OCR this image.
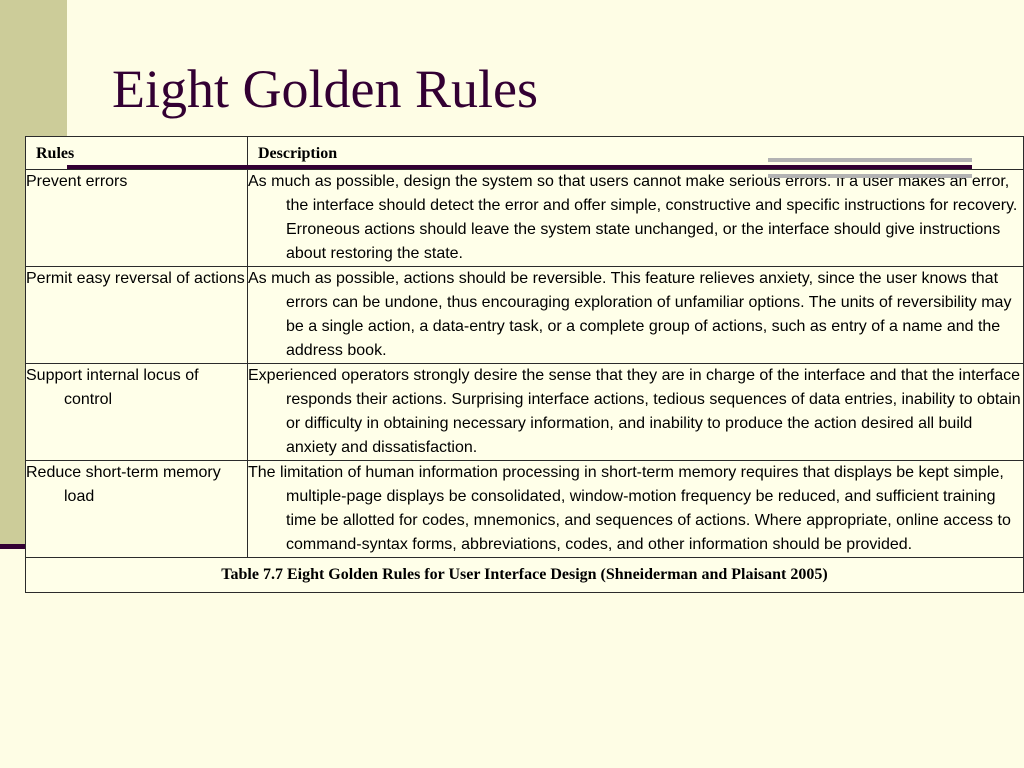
Eight Golden Rules
Rules	Description

Prevent errors	As much as possible, design the system so that users cannot make serious errors. If a user makes an error, the interface should detect the error and offer simple, constructive and specific instructions for recovery. Erroneous actions should leave the system state unchanged, or the interface should give instructions about restoring the state.

Permit easy reversal of actions	As much as possible, actions should be reversible. This feature relieves anxiety, since the user knows that errors can be undone, thus encouraging exploration of unfamiliar options. The units of reversibility may be a single action, a data-entry task, or a complete group of actions, such as entry of a name and the address book.

Support internal locus of control	Experienced operators strongly desire the sense that they are in charge of the interface and that the interface responds their actions. Surprising interface actions, tedious sequences of data entries, inability to obtain or difficulty in obtaining necessary information, and inability to produce the action desired all build anxiety and dissatisfaction.

Reduce short-term memory load	The limitation of human information processing in short-term memory requires that displays be kept simple, multiple-page displays be consolidated, window-motion frequency be reduced, and sufficient training time be allotted for codes, mnemonics, and sequences of actions. Where appropriate, online access to command-syntax forms, abbreviations, codes, and other information should be provided.

Table 7.7 Eight Golden Rules for User Interface Design (Shneiderman and Plaisant 2005)	
